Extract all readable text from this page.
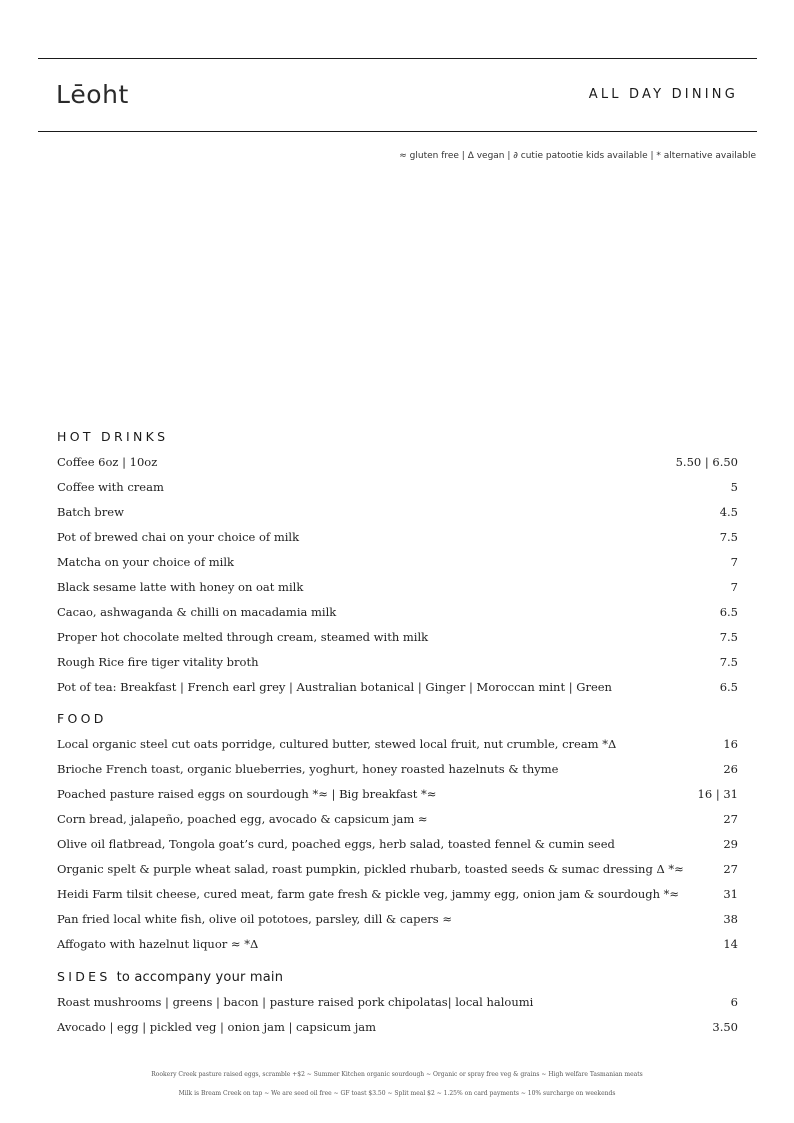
Lēoht	ALL DAY DINING
≈ gluten free | Δ vegan | ∂ cutie patootie kids available | * alternative available
HOT DRINKS
Coffee 6oz | 10oz	5.50 | 6.50
Coffee with cream	5
Batch brew	4.5
Pot of brewed chai on your choice of milk	7.5
Matcha on your choice of milk	7
Black sesame latte with honey on oat milk	7
Cacao, ashwaganda & chilli on macadamia milk	6.5
Proper hot chocolate melted through cream, steamed with milk	7.5
Rough Rice fire tiger vitality broth	7.5
Pot of tea: Breakfast | French earl grey | Australian botanical | Ginger | Moroccan mint | Green	6.5
FOOD
Local organic steel cut oats porridge, cultured butter, stewed local fruit, nut crumble, cream *Δ	16
Brioche French toast, organic blueberries, yoghurt, honey roasted hazelnuts & thyme	26
Poached pasture raised eggs on sourdough *≈ | Big breakfast *≈	16 | 31
Corn bread, jalapeño, poached egg, avocado & capsicum jam ≈	27
Olive oil flatbread, Tongola goat’s curd, poached eggs, herb salad, toasted fennel & cumin seed	29
Organic spelt & purple wheat salad, roast pumpkin, pickled rhubarb, toasted seeds & sumac dressing Δ *≈	27
Heidi Farm tilsit cheese, cured meat, farm gate fresh & pickle veg, jammy egg, onion jam & sourdough *≈	31
Pan fried local white fish, olive oil pototoes, parsley, dill & capers ≈	38
Affogato with hazelnut liquor ≈ *Δ	14
SIDES to accompany your main
Roast mushrooms | greens | bacon | pasture raised pork chipolatas| local haloumi	6
Avocado | egg | pickled veg | onion jam | capsicum jam	3.50
Rookery Creek pasture raised eggs, scramble +$2 ~ Summer Kitchen organic sourdough ~ Organic or spray free veg & grains ~ High welfare Tasmanian meats
Milk is Bream Creek on tap ~ We are seed oil free ~ GF toast $3.50 ~ Split meal $2 ~ 1.25% on card payments ~ 10% surcharge on weekends
